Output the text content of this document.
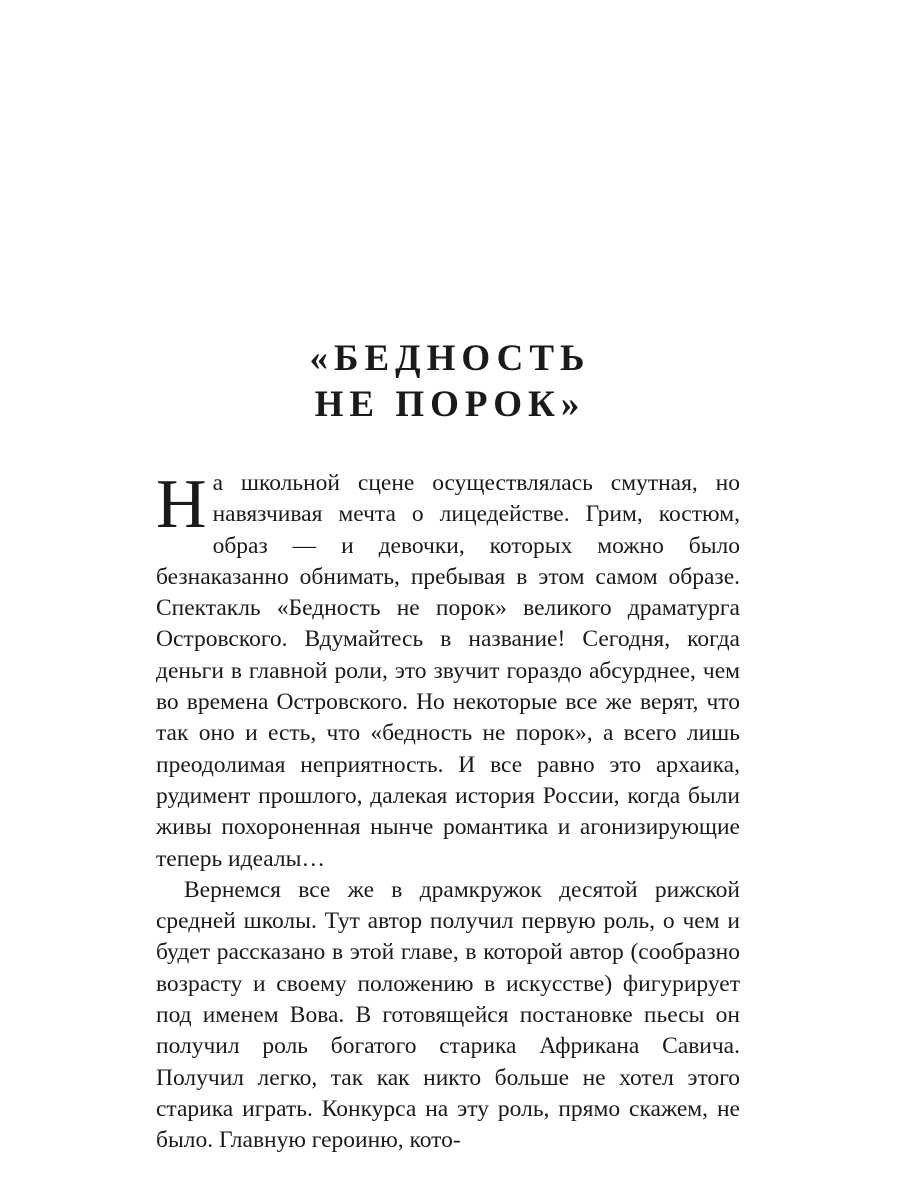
«БЕДНОСТЬ
НЕ ПОРОК»

На школьной сцене осуществлялась смутная, но навязчивая мечта о лицедействе. Грим, костюм, образ — и девочки, которых можно было безнаказанно обнимать, пребывая в этом самом образе. Спектакль «Бедность не порок» великого драматурга Островского. Вдумайтесь в название! Сегодня, когда деньги в главной роли, это звучит гораздо абсурднее, чем во времена Островского. Но некоторые все же верят, что так оно и есть, что «бедность не порок», а всего лишь преодолимая неприятность. И все равно это архаика, рудимент прошлого, далекая история России, когда были живы похороненная нынче романтика и агонизирующие теперь идеалы…

Вернемся все же в драмкружок десятой рижской средней школы. Тут автор получил первую роль, о чем и будет рассказано в этой главе, в которой автор (сообразно возрасту и своему положению в искусстве) фигурирует под именем Вова. В готовящейся постановке пьесы он получил роль богатого старика Африкана Савича. Получил легко, так как никто больше не хотел этого старика играть. Конкурса на эту роль, прямо скажем, не было. Главную героиню, кото-
